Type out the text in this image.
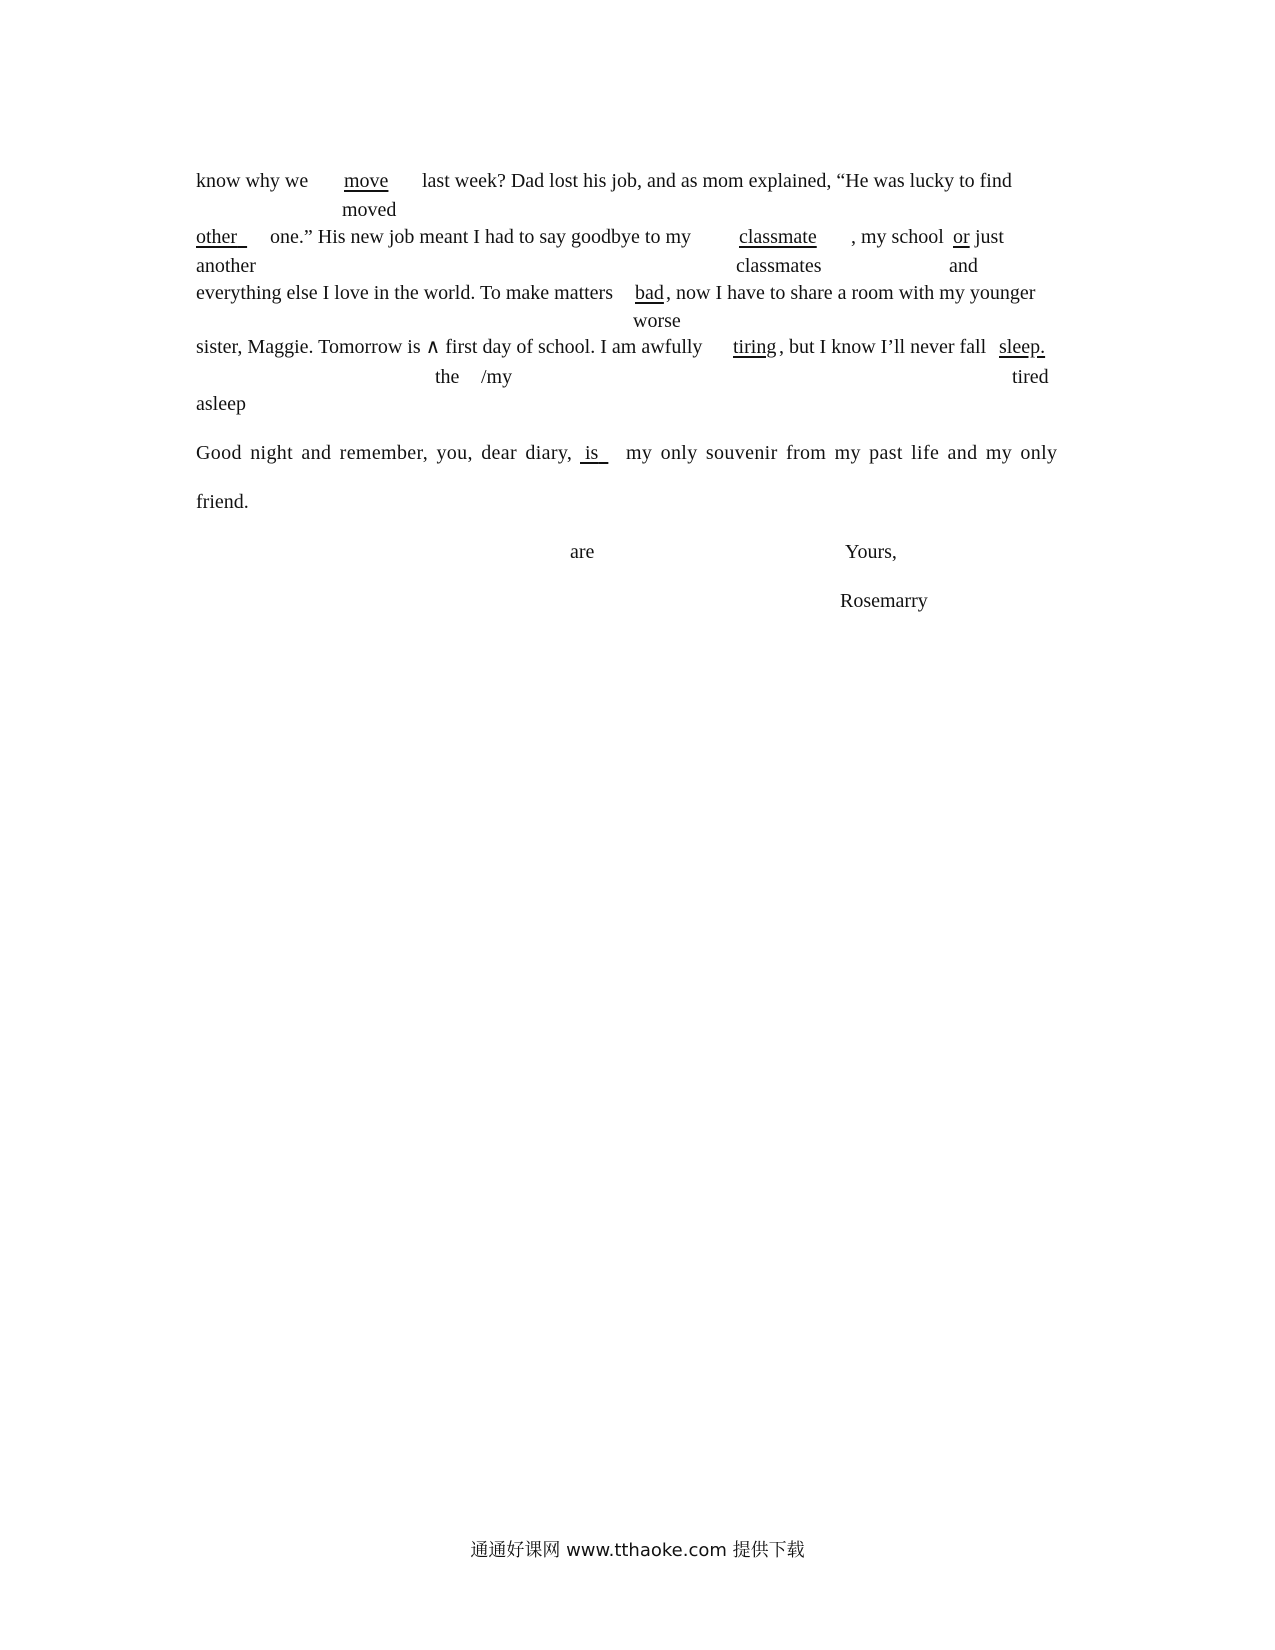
know why we move last week? Dad lost his job, and as mom explained, “He was lucky to find
moved
other	one.” His new job meant I had to say goodbye to my classmate , my school or just
another	classmates	and
everything else I love in the world. To make matters bad , now I have to share a room with my younger
worse
sister, Maggie. Tomorrow is ∧ first day of school. I am awfully tiring , but I know I’ll never fall sleep.
the /my	tired
asleep
Good night and remember, you, dear diary, is	my only souvenir from my past life and my only
friend.
are	Yours,
Rosemarry
通通好课网 www.tthaoke.com 提供下载
